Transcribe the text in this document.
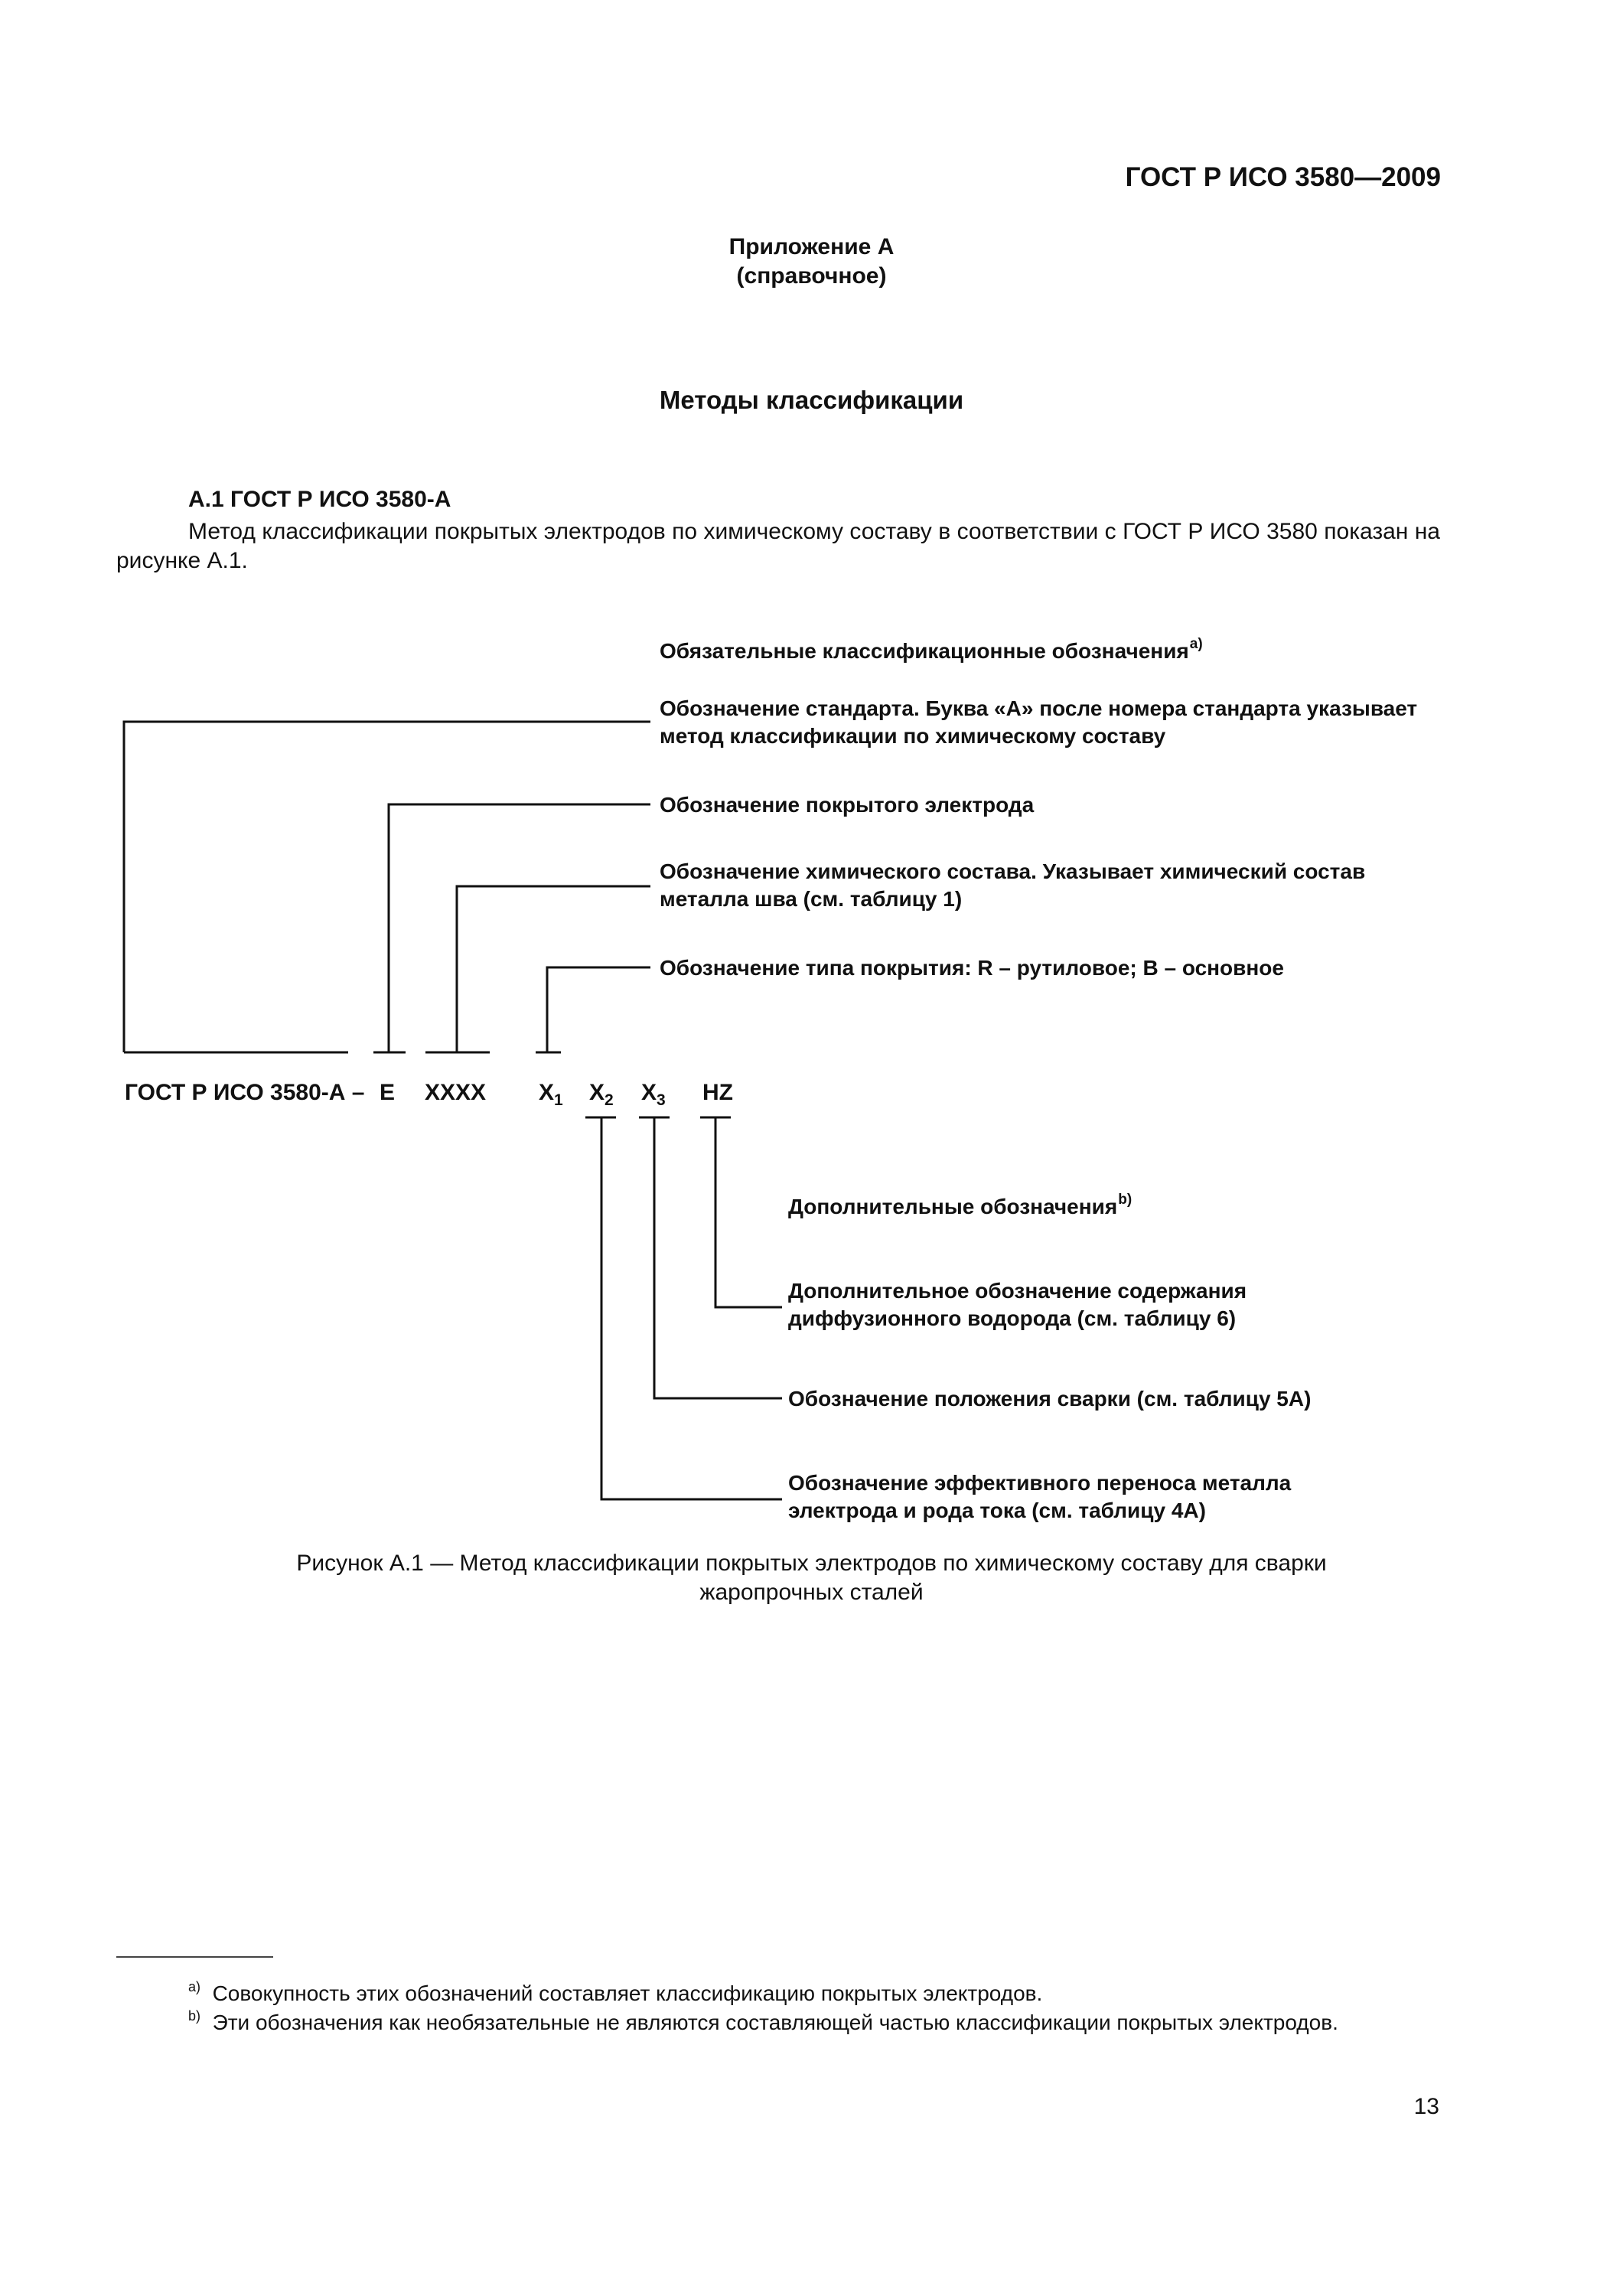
ГОСТ Р ИСО 3580—2009
Приложение А
(справочное)
Методы классификации
А.1 ГОСТ Р ИСО 3580-А
Метод классификации покрытых электродов по химическому составу в соответствии с ГОСТ Р ИСО 3580 показан на рисунке А.1.
Обязательные классификационные обозначения$^{a)}$
Обозначение стандарта. Буква «А» после номера стандарта указывает
метод классификации по химическому составу
Обозначение покрытого электрода
Обозначение химического состава. Указывает химический состав
металла шва (см. таблицу 1)
Обозначение типа покрытия: R – рутиловое; B – основное
ГОСТ Р ИСО 3580-А – E XXXX $X_1$ $X_2$ $X_3$ HZ
Дополнительные обозначения$^{b)}$
Дополнительное обозначение содержания
диффузионного водорода (см. таблицу 6)
Обозначение положения сварки (см. таблицу 5А)
Обозначение эффективного переноса металла
электрода и рода тока (см. таблицу 4А)
Рисунок А.1 — Метод классификации покрытых электродов по химическому составу для сварки
жаропрочных сталей
$^{a)}$ Совокупность этих обозначений составляет классификацию покрытых электродов.
$^{b)}$ Эти обозначения как необязательные не являются составляющей частью классификации покрытых электродов.
13
